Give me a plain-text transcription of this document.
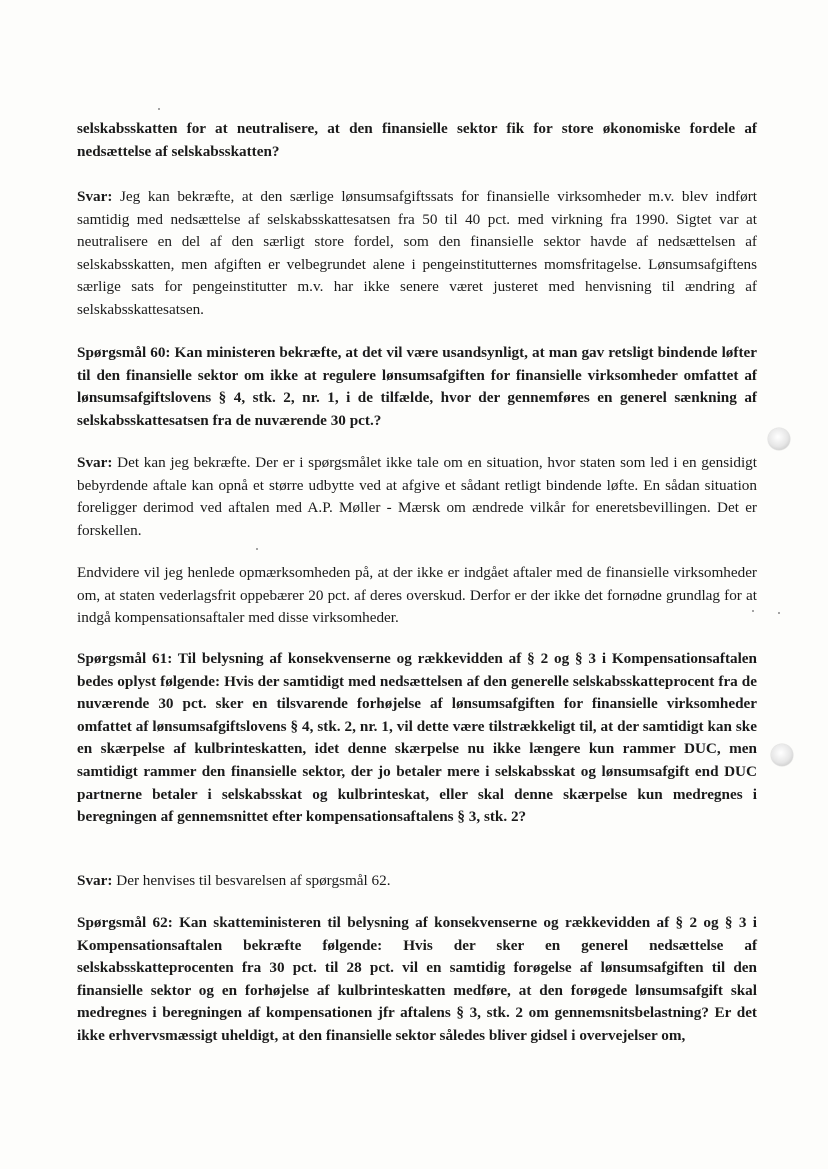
selskabsskatten for at neutralisere, at den finansielle sektor fik for store økonomiske fordele af nedsættelse af selskabsskatten?

Svar: Jeg kan bekræfte, at den særlige lønsumsafgiftssats for finansielle virksomheder m.v. blev indført samtidig med nedsættelse af selskabsskattesatsen fra 50 til 40 pct. med virkning fra 1990. Sigtet var at neutralisere en del af den særligt store fordel, som den finansielle sektor havde af nedsættelsen af selskabsskatten, men afgiften er velbegrundet alene i pengeinstitutternes momsfritagelse. Lønsumsafgiftens særlige sats for pengeinstitutter m.v. har ikke senere været justeret med henvisning til ændring af selskabsskattesatsen.

Spørgsmål 60: Kan ministeren bekræfte, at det vil være usandsynligt, at man gav retsligt bindende løfter til den finansielle sektor om ikke at regulere lønsumsafgiften for finansielle virksomheder omfattet af lønsumsafgiftslovens § 4, stk. 2, nr. 1, i de tilfælde, hvor der gennemføres en generel sænkning af selskabsskattesatsen fra de nuværende 30 pct.?

Svar: Det kan jeg bekræfte. Der er i spørgsmålet ikke tale om en situation, hvor staten som led i en gensidigt bebyrdende aftale kan opnå et større udbytte ved at afgive et sådant retligt bindende løfte. En sådan situation foreligger derimod ved aftalen med A.P. Møller - Mærsk om ændrede vilkår for eneretsbevillingen. Det er forskellen.

Endvidere vil jeg henlede opmærksomheden på, at der ikke er indgået aftaler med de finansielle virksomheder om, at staten vederlagsfrit oppebærer 20 pct. af deres overskud. Derfor er der ikke det fornødne grundlag for at indgå kompensationsaftaler med disse virksomheder.

Spørgsmål 61: Til belysning af konsekvenserne og rækkevidden af § 2 og § 3 i Kompensationsaftalen bedes oplyst følgende: Hvis der samtidigt med nedsættelsen af den generelle selskabsskatteprocent fra de nuværende 30 pct. sker en tilsvarende forhøjelse af lønsumsafgiften for finansielle virksomheder omfattet af lønsumsafgiftslovens § 4, stk. 2, nr. 1, vil dette være tilstrækkeligt til, at der samtidigt kan ske en skærpelse af kulbrinteskatten, idet denne skærpelse nu ikke længere kun rammer DUC, men samtidigt rammer den finansielle sektor, der jo betaler mere i selskabsskat og lønsumsafgift end DUC partnerne betaler i selskabsskat og kulbrinteskat, eller skal denne skærpelse kun medregnes i beregningen af gennemsnittet efter kompensationsaftalens § 3, stk. 2?

Svar: Der henvises til besvarelsen af spørgsmål 62.

Spørgsmål 62: Kan skatteministeren til belysning af konsekvenserne og rækkevidden af § 2 og § 3 i Kompensationsaftalen bekræfte følgende: Hvis der sker en generel nedsættelse af selskabsskatteprocenten fra 30 pct. til 28 pct. vil en samtidig forøgelse af lønsumsafgiften til den finansielle sektor og en forhøjelse af kulbrinteskatten medføre, at den forøgede lønsumsafgift skal medregnes i beregningen af kompensationen jfr aftalens § 3, stk. 2 om gennemsnitsbelastning? Er det ikke erhvervsmæssigt uheldigt, at den finansielle sektor således bliver gidsel i overvejelser om,
